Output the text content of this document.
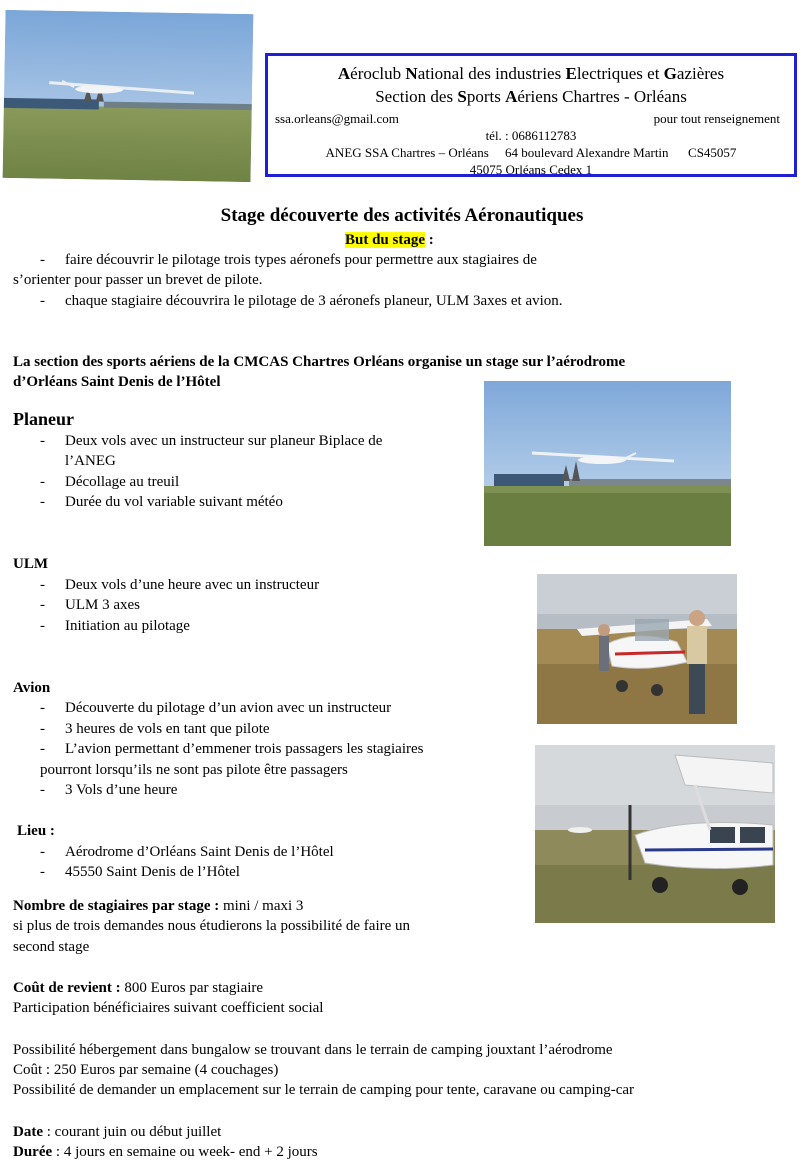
Aéroclub National des industries Electriques et Gazières
Section des Sports Aériens Chartres - Orléans
ssa.orleans@gmail.com	pour tout renseignement
tél. : 0686112783
ANEG SSA Chartres – Orléans     64 boulevard Alexandre Martin      CS45057
45075 Orléans Cedex 1
Stage découverte des activités Aéronautiques
But du stage :
- faire découvrir le pilotage trois types aéronefs pour permettre aux stagiaires de
s’orienter pour passer un brevet de pilote.
- chaque stagiaire découvrira le pilotage de 3 aéronefs planeur, ULM 3axes et avion.
La section des sports aériens de la CMCAS Chartres Orléans organise un stage sur l’aérodrome
d’Orléans Saint Denis de l’Hôtel
Planeur
- Deux vols avec un instructeur sur planeur Biplace de
l’ANEG
- Décollage au treuil
- Durée du vol variable suivant météo
ULM
- Deux vols d’une heure avec un instructeur
- ULM 3 axes
- Initiation au pilotage
Avion
- Découverte du pilotage d’un avion avec un instructeur
- 3 heures de vols en tant que pilote
- L’avion permettant d’emmener trois passagers les stagiaires
pourront lorsqu’ils ne sont pas pilote être passagers
- 3 Vols d’une heure
Lieu :
- Aérodrome d’Orléans Saint Denis de l’Hôtel
- 45550 Saint Denis de l’Hôtel
Nombre de stagiaires par stage : mini / maxi 3
si plus de trois demandes nous étudierons la possibilité de faire un
second stage
Coût de revient : 800 Euros par stagiaire
Participation bénéficiaires suivant coefficient social
Possibilité hébergement dans bungalow se trouvant dans le terrain de camping jouxtant l’aérodrome
Coût : 250 Euros par semaine (4 couchages)
Possibilité de demander un emplacement sur le terrain de camping pour tente, caravane ou camping-car
Date : courant juin ou début juillet
Durée : 4 jours en semaine ou week- end + 2 jours
